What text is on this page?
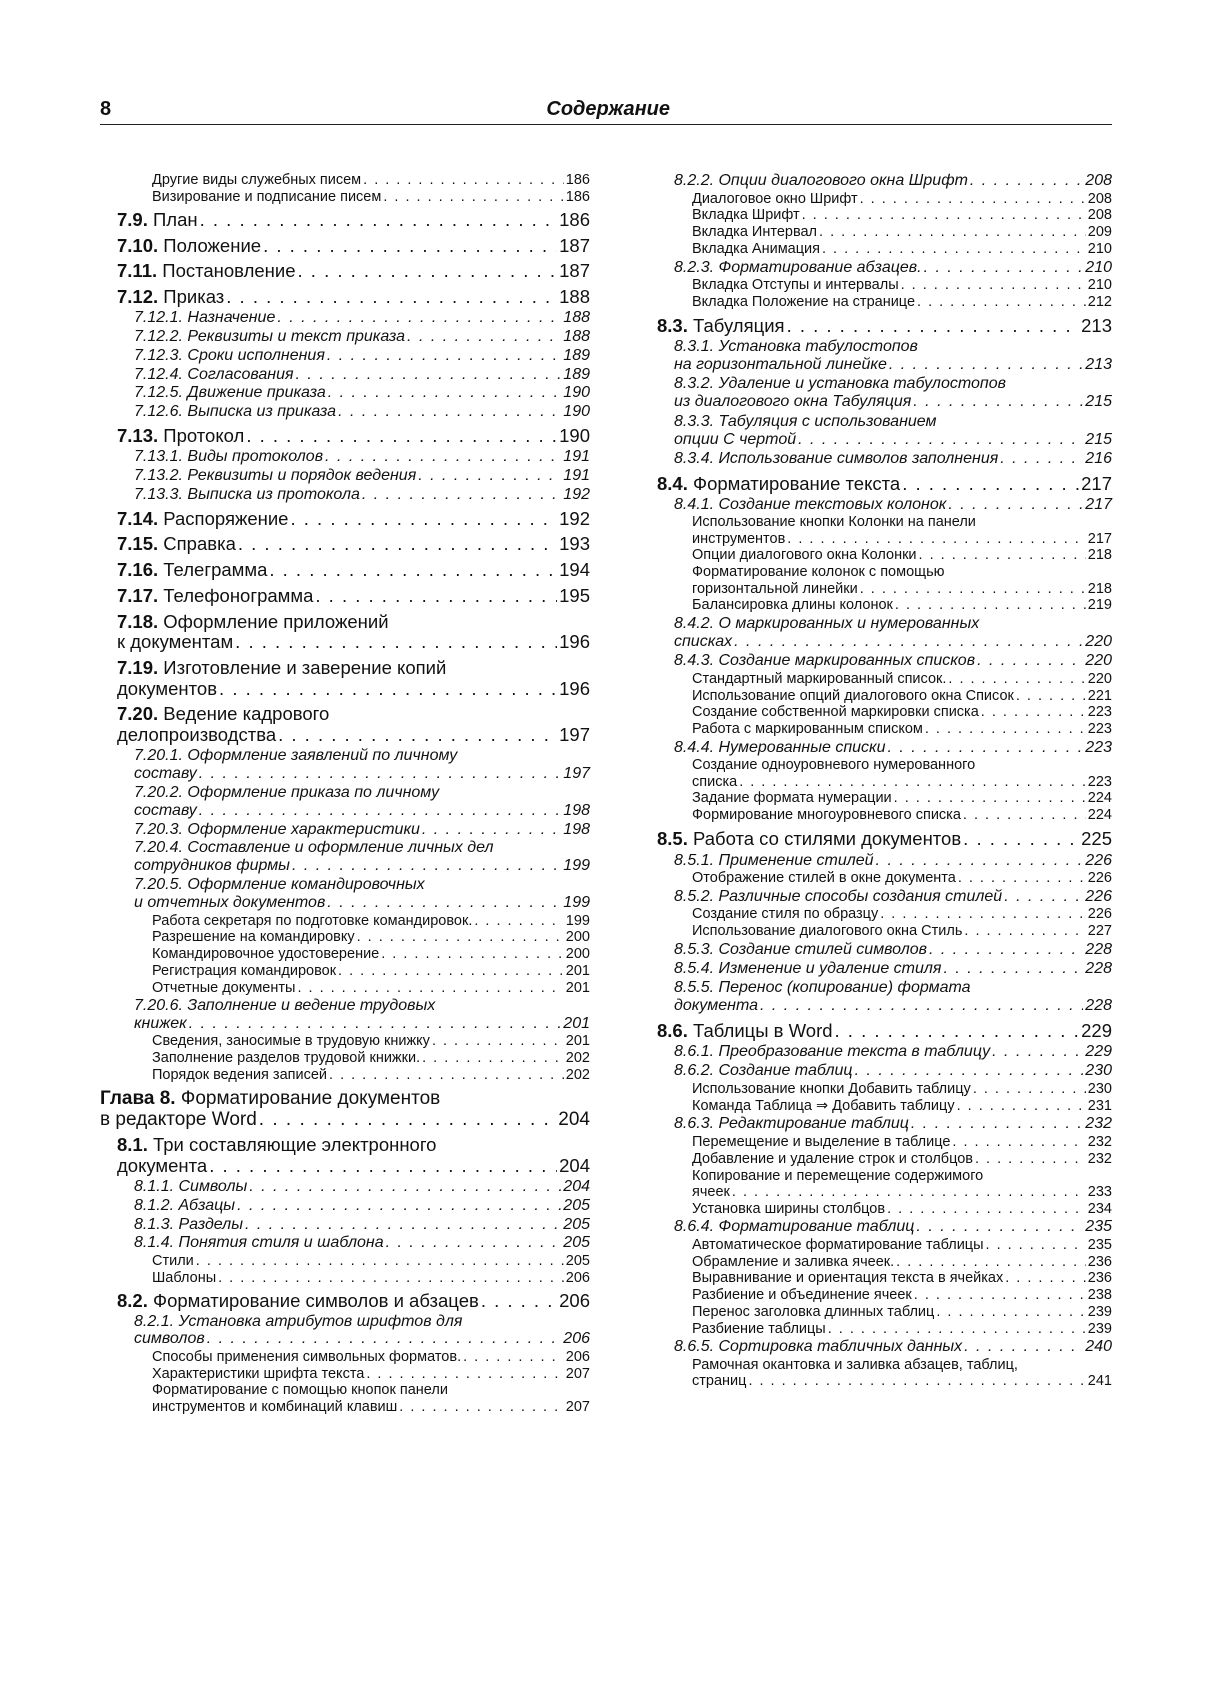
8	Содержание
Другие виды служебных писем . . .	186
Визирование и подписание писем . . .	186
7.9. План . . .	186
7.10. Положение . . .	187
7.11. Постановление . . .	187
7.12. Приказ . . .	188
7.12.1. Назначение . . .	188
7.12.2. Реквизиты и текст приказа . . .	188
7.12.3. Сроки исполнения . . .	189
7.12.4. Согласования . . .	189
7.12.5. Движение приказа . . .	190
7.12.6. Выписка из приказа . . .	190
7.13. Протокол . . .	190
7.13.1. Виды протоколов . . .	191
7.13.2. Реквизиты и порядок ведения . . .	191
7.13.3. Выписка из протокола . . .	192
7.14. Распоряжение . . .	192
7.15. Справка . . .	193
7.16. Телеграмма . . .	194
7.17. Телефонограмма . . .	195
7.18. Оформление приложений
к документам . . .	196
7.19. Изготовление и заверение копий
документов . . .	196
7.20. Ведение кадрового
делопроизводства . . .	197
7.20.1. Оформление заявлений по личному
составу . . .	197
7.20.2. Оформление приказа по личному
составу . . .	198
7.20.3. Оформление характеристики . . .	198
7.20.4. Составление и оформление личных дел
сотрудников фирмы . . .	199
7.20.5. Оформление командировочных
и отчетных документов . . .	199
Работа секретаря по подготовке командировок. . . .	199
Разрешение на командировку . . .	200
Командировочное удостоверение . . .	200
Регистрация командировок . . .	201
Отчетные документы . . .	201
7.20.6. Заполнение и ведение трудовых
книжек . . .	201
Сведения, заносимые в трудовую книжку . . .	201
Заполнение разделов трудовой книжки. . . .	202
Порядок ведения записей . . .	202
Глава 8. Форматирование документов
в редакторе Word . . .	204
8.1. Три составляющие электронного
документа . . .	204
8.1.1. Символы . . .	204
8.1.2. Абзацы . . .	205
8.1.3. Разделы . . .	205
8.1.4. Понятия стиля и шаблона . . .	205
Стили . . .	205
Шаблоны . . .	206
8.2. Форматирование символов и абзацев . . .	206
8.2.1. Установка атрибутов шрифтов для
символов . . .	206
Способы применения символьных форматов. . . .	206
Характеристики шрифта текста . . .	207
Форматирование с помощью кнопок панели
инструментов и комбинаций клавиш . . .	207
8.2.2. Опции диалогового окна Шрифт . . .	208
Диалоговое окно Шрифт . . .	208
Вкладка Шрифт . . .	208
Вкладка Интервал . . .	209
Вкладка Анимация . . .	210
8.2.3. Форматирование абзацев. . . .	210
Вкладка Отступы и интервалы . . .	210
Вкладка Положение на странице . . .	212
8.3. Табуляция . . .	213
8.3.1. Установка табулостопов
на горизонтальной линейке . . .	213
8.3.2. Удаление и установка табулостопов
из диалогового окна Табуляция . . .	215
8.3.3. Табуляция с использованием
опции С чертой . . .	215
8.3.4. Использование символов заполнения . . .	216
8.4. Форматирование текста . . .	217
8.4.1. Создание текстовых колонок . . .	217
Использование кнопки Колонки на панели
инструментов . . .	217
Опции диалогового окна Колонки . . .	218
Форматирование колонок с помощью
горизонтальной линейки . . .	218
Балансировка длины колонок . . .	219
8.4.2. О маркированных и нумерованных
списках . . .	220
8.4.3. Создание маркированных списков . . .	220
Стандартный маркированный список. . . .	220
Использование опций диалогового окна Список . . .	221
Создание собственной маркировки списка . . .	223
Работа с маркированным списком . . .	223
8.4.4. Нумерованные списки . . .	223
Создание одноуровневого нумерованного
списка . . .	223
Задание формата нумерации . . .	224
Формирование многоуровневого списка . . .	224
8.5. Работа со стилями документов . . .	225
8.5.1. Применение стилей . . .	226
Отображение стилей в окне документа . . .	226
8.5.2. Различные способы создания стилей . . .	226
Создание стиля по образцу . . .	226
Использование диалогового окна Стиль . . .	227
8.5.3. Создание стилей символов . . .	228
8.5.4. Изменение и удаление стиля . . .	228
8.5.5. Перенос (копирование) формата
документа . . .	228
8.6. Таблицы в Word . . .	229
8.6.1. Преобразование текста в таблицу . . .	229
8.6.2. Создание таблиц . . .	230
Использование кнопки Добавить таблицу . . .	230
Команда Таблица ⇒ Добавить таблицу . . .	231
8.6.3. Редактирование таблиц . . .	232
Перемещение и выделение в таблице . . .	232
Добавление и удаление строк и столбцов . . .	232
Копирование и перемещение содержимого
ячеек . . .	233
Установка ширины столбцов . . .	234
8.6.4. Форматирование таблиц . . .	235
Автоматическое форматирование таблицы . . .	235
Обрамление и заливка ячеек. . . .	236
Выравнивание и ориентация текста в ячейках . . .	236
Разбиение и объединение ячеек . . .	238
Перенос заголовка длинных таблиц . . .	239
Разбиение таблицы . . .	239
8.6.5. Сортировка табличных данных . . .	240
Рамочная окантовка и заливка абзацев, таблиц,
страниц . . .	241
